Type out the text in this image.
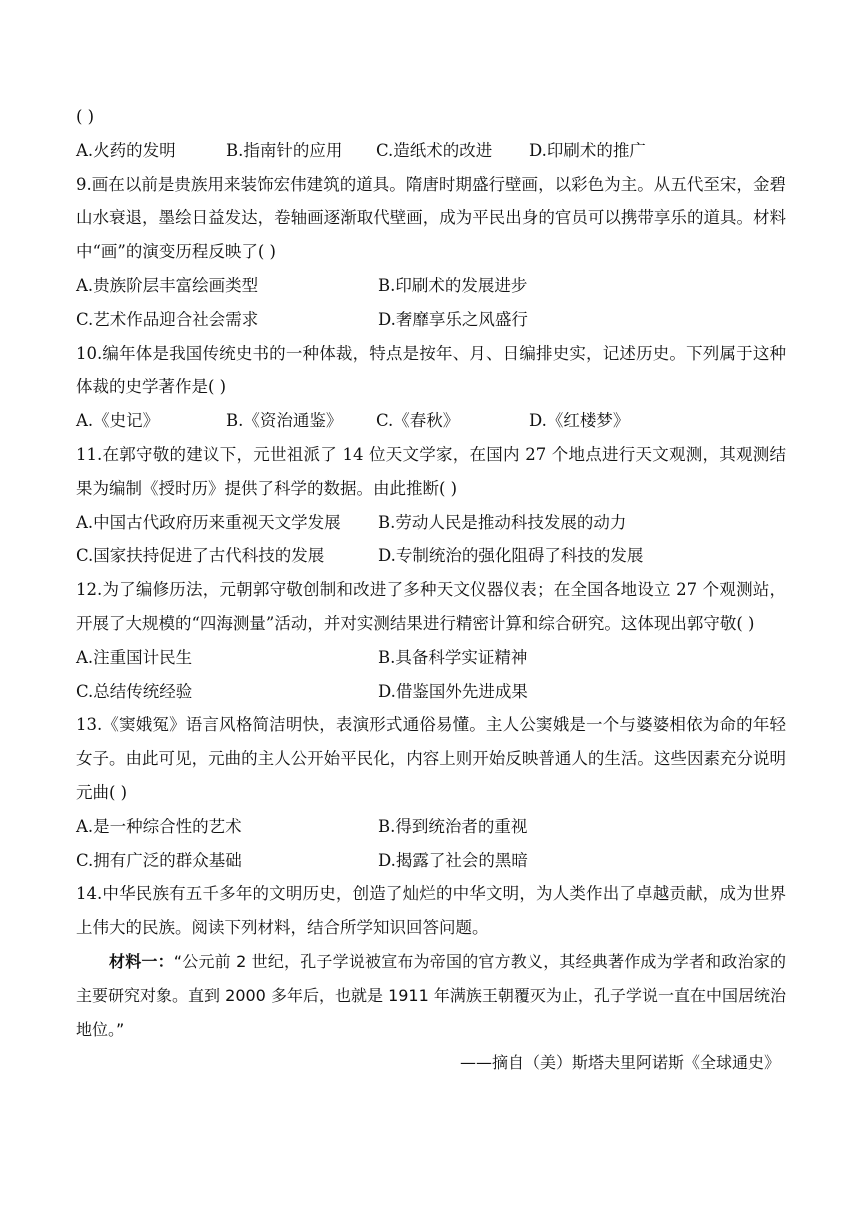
( )
A.火药的发明	B.指南针的应用	C.造纸术的改进	D.印刷术的推广
9.画在以前是贵族用来装饰宏伟建筑的道具。隋唐时期盛行壁画，以彩色为主。从五代至宋，金碧山水衰退，墨绘日益发达，卷轴画逐渐取代壁画，成为平民出身的官员可以携带享乐的道具。材料中“画”的演变历程反映了( )
A.贵族阶层丰富绘画类型	B.印刷术的发展进步
C.艺术作品迎合社会需求	D.奢靡享乐之风盛行
10.编年体是我国传统史书的一种体裁，特点是按年、月、日编排史实，记述历史。下列属于这种体裁的史学著作是( )
A.《史记》	B.《资治通鉴》	C.《春秋》	D.《红楼梦》
11.在郭守敬的建议下，元世祖派了 14 位天文学家，在国内 27 个地点进行天文观测，其观测结果为编制《授时历》提供了科学的数据。由此推断( )
A.中国古代政府历来重视天文学发展	B.劳动人民是推动科技发展的动力
C.国家扶持促进了古代科技的发展	D.专制统治的强化阻碍了科技的发展
12.为了编修历法，元朝郭守敬创制和改进了多种天文仪器仪表；在全国各地设立 27 个观测站，开展了大规模的“四海测量”活动，并对实测结果进行精密计算和综合研究。这体现出郭守敬( )
A.注重国计民生	B.具备科学实证精神
C.总结传统经验	D.借鉴国外先进成果
13.《窦娥冤》语言风格简洁明快，表演形式通俗易懂。主人公窦娥是一个与婆婆相依为命的年轻女子。由此可见，元曲的主人公开始平民化，内容上则开始反映普通人的生活。这些因素充分说明元曲( )
A.是一种综合性的艺术	B.得到统治者的重视
C.拥有广泛的群众基础	D.揭露了社会的黑暗
14.中华民族有五千多年的文明历史，创造了灿烂的中华文明，为人类作出了卓越贡献，成为世界上伟大的民族。阅读下列材料，结合所学知识回答问题。
材料一：“公元前 2 世纪，孔子学说被宣布为帝国的官方教义，其经典著作成为学者和政治家的主要研究对象。直到 2000 多年后，也就是 1911 年满族王朝覆灭为止，孔子学说一直在中国居统治地位。”
——摘自（美）斯塔夫里阿诺斯《全球通史》
